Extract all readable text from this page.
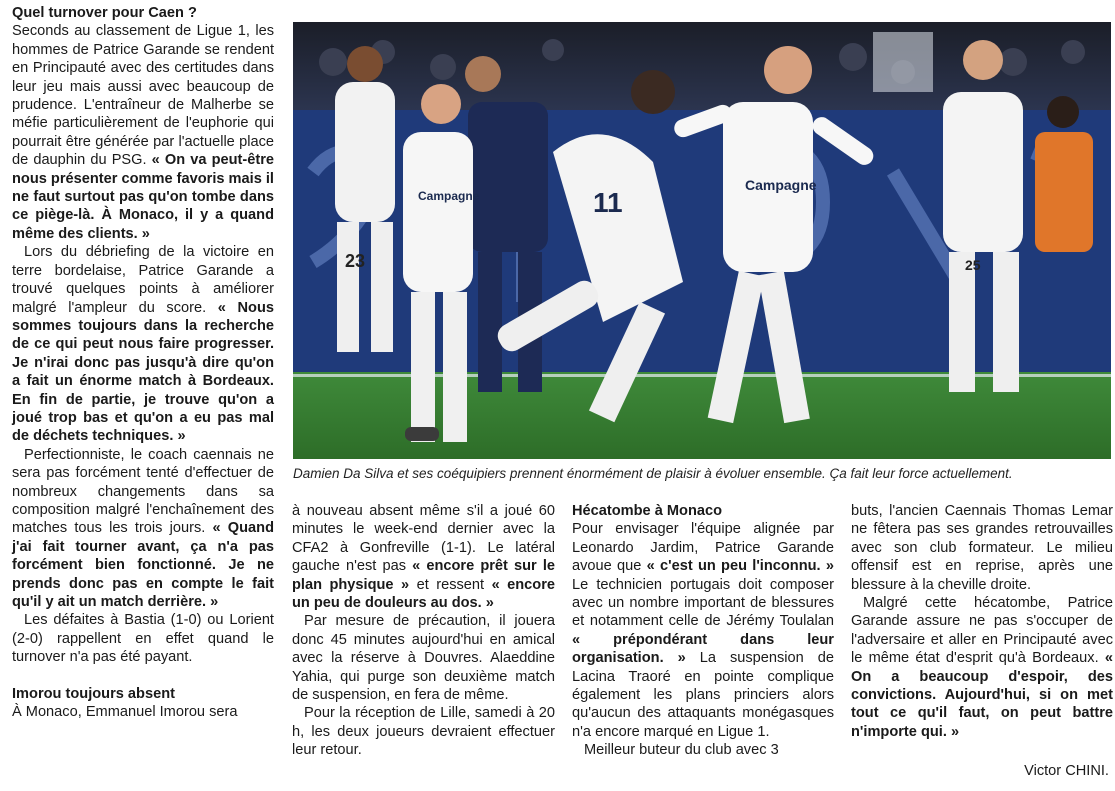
Quel turnover pour Caen ?

Seconds au classement de Ligue 1, les hommes de Patrice Garande se rendent en Principauté avec des certitudes dans leur jeu mais aussi avec beaucoup de prudence. L'entraîneur de Malherbe se méfie particulièrement de l'euphorie qui pourrait être générée par l'actuelle place de dauphin du PSG. « On va peut-être nous présenter comme favoris mais il ne faut surtout pas qu'on tombe dans ce piège-là. À Monaco, il y a quand même des clients. »

Lors du débriefing de la victoire en terre bordelaise, Patrice Garande a trouvé quelques points à améliorer malgré l'ampleur du score. « Nous sommes toujours dans la recherche de ce qui peut nous faire progresser. Je n'irai donc pas jusqu'à dire qu'on a fait un énorme match à Bordeaux. En fin de partie, je trouve qu'on a joué trop bas et qu'on a eu pas mal de déchets techniques. »

Perfectionniste, le coach caennais ne sera pas forcément tenté d'effectuer de nombreux changements dans sa composition malgré l'enchaînement des matches tous les trois jours. « Quand j'ai fait tourner avant, ça n'a pas forcément bien fonctionné. Je ne prends donc pas en compte le fait qu'il y ait un match derrière. »

Les défaites à Bastia (1-0) ou Lorient (2-0) rappellent en effet quand le turnover n'a pas été payant.

Imorou toujours absent

À Monaco, Emmanuel Imorou sera

23
Campagne	11
Campagne
25
Damien Da Silva et ses coéquipiers prennent énormément de plaisir à évoluer ensemble. Ça fait leur force actuellement.

à nouveau absent même s'il a joué 60 minutes le week-end dernier avec la CFA2 à Gonfreville (1-1). Le latéral gauche n'est pas « encore prêt sur le plan physique » et ressent « encore un peu de douleurs au dos. »

Par mesure de précaution, il jouera donc 45 minutes aujourd'hui en amical avec la réserve à Douvres. Alaeddine Yahia, qui purge son deuxième match de suspension, en fera de même.

Pour la réception de Lille, samedi à 20 h, les deux joueurs devraient effectuer leur retour.

Hécatombe à Monaco

Pour envisager l'équipe alignée par Leonardo Jardim, Patrice Garande avoue que « c'est un peu l'inconnu. » Le technicien portugais doit composer avec un nombre important de blessures et notamment celle de Jérémy Toulalan « prépondérant dans leur organisation. » La suspension de Lacina Traoré en pointe complique également les plans princiers alors qu'aucun des attaquants monégasques n'a encore marqué en Ligue 1.

Meilleur buteur du club avec 3

buts, l'ancien Caennais Thomas Lemar ne fêtera pas ses grandes retrouvailles avec son club formateur. Le milieu offensif est en reprise, après une blessure à la cheville droite.

Malgré cette hécatombe, Patrice Garande assure ne pas s'occuper de l'adversaire et aller en Principauté avec le même état d'esprit qu'à Bordeaux. « On a beaucoup d'espoir, des convictions. Aujourd'hui, si on met tout ce qu'il faut, on peut battre n'importe qui. »

Victor CHINI.
